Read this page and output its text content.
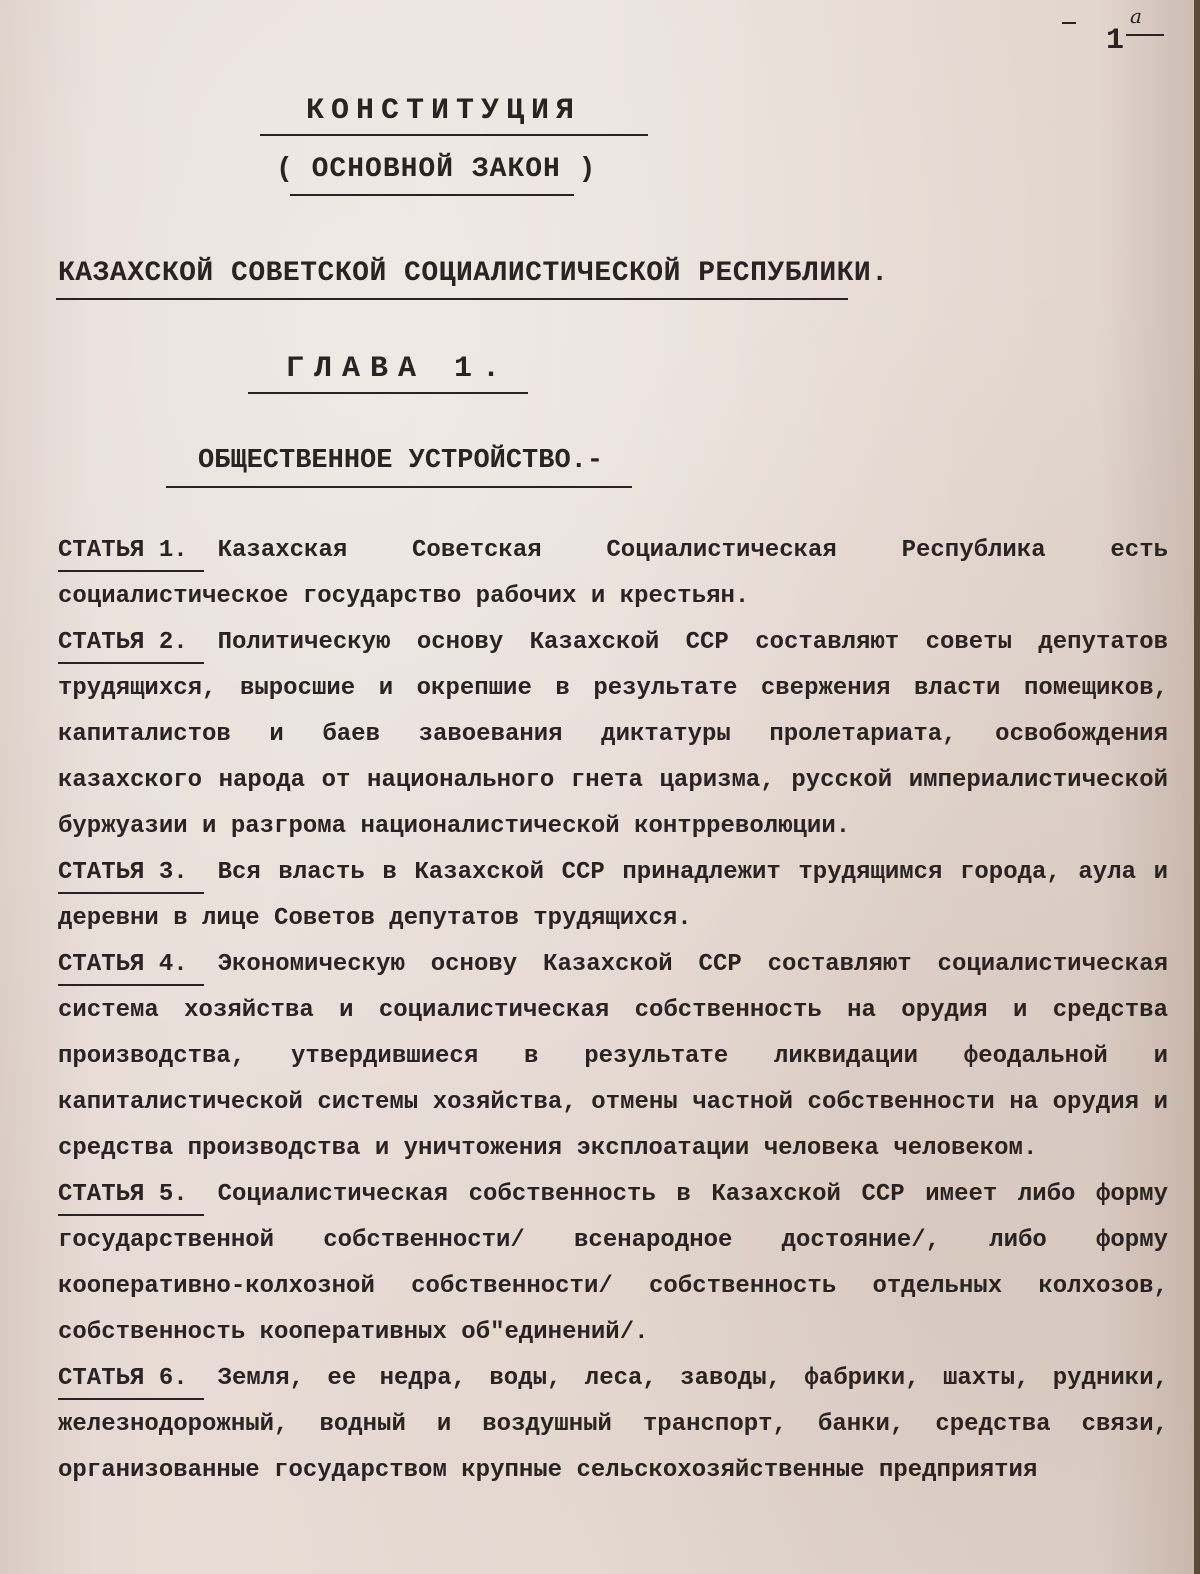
1
a
КОНСТИТУЦИЯ
( ОСНОВНОЙ ЗАКОН )
КАЗАХСКОЙ СОВЕТСКОЙ СОЦИАЛИСТИЧЕСКОЙ РЕСПУБЛИКИ.
ГЛАВА 1.
ОБЩЕСТВЕННОЕ УСТРОЙСТВО.-

СТАТЬЯ 1. Казахская Советская Социалистическая Республика есть социалистическое государство рабочих и крестьян.

СТАТЬЯ 2. Политическую основу Казахской ССР составляют советы депутатов трудящихся, выросшие и окрепшие в результате свержения власти помещиков, капиталистов и баев завоевания диктатуры пролетариата, освобождения казахского народа от национального гнета царизма, русской империалистической буржуазии и разгрома националистической контрреволюции.

СТАТЬЯ 3. Вся власть в Казахской ССР принадлежит трудящимся города, аула и деревни в лице Советов депутатов трудящихся.

СТАТЬЯ 4. Экономическую основу Казахской ССР составляют социалистическая система хозяйства и социалистическая собственность на орудия и средства производства, утвердившиеся в результате ликвидации феодальной и капиталистической системы хозяйства, отмены частной собственности на орудия и средства производства и уничтожения эксплоатации человека человеком.

СТАТЬЯ 5. Социалистическая собственность в Казахской ССР имеет либо форму государственной собственности/ всенародное достояние/, либо форму кооперативно-колхозной собственности/ собственность отдельных колхозов, собственность кооперативных об"единений/.

СТАТЬЯ 6. Земля, ее недра, воды, леса, заводы, фабрики, шахты, рудники, железнодорожный, водный и воздушный транспорт, банки, средства связи, организованные государством крупные сельскохозяйственные предприятия
